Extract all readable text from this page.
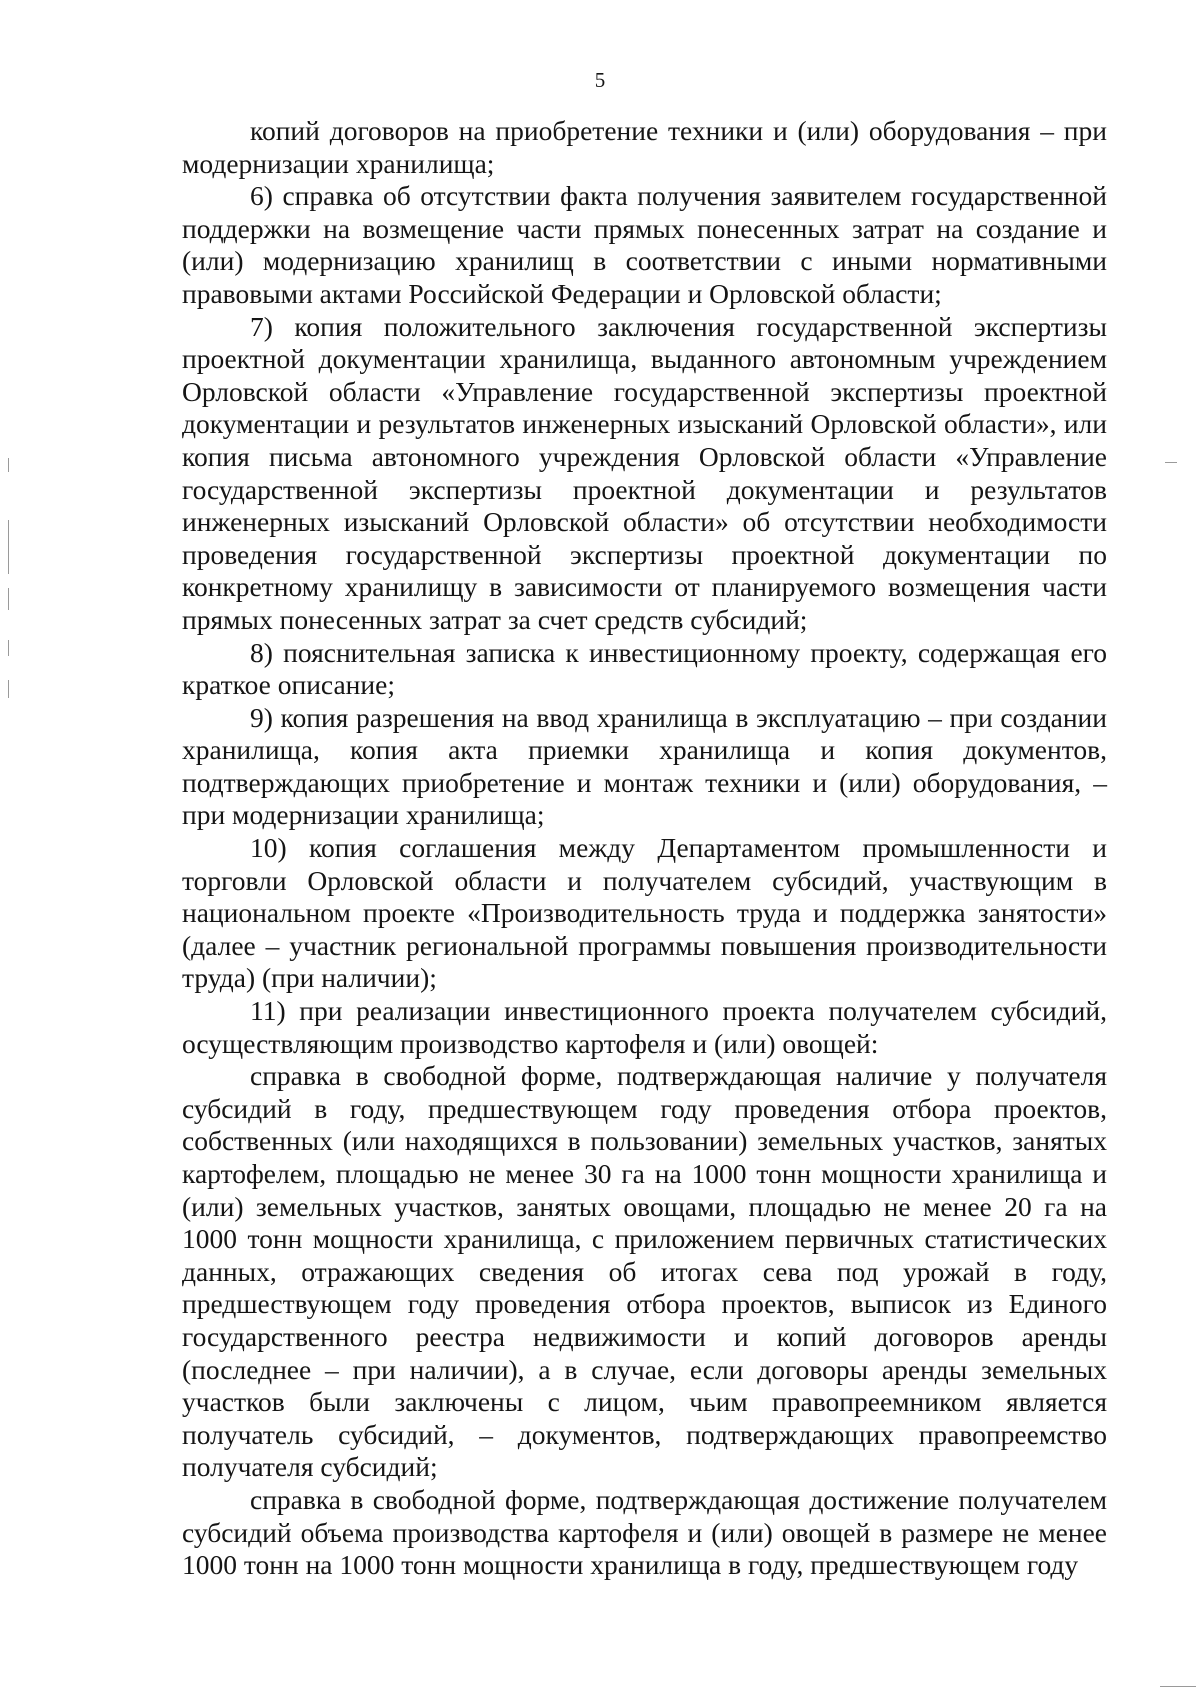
5

копий договоров на приобретение техники и (или) оборудования – при модернизации хранилища;

6) справка об отсутствии факта получения заявителем государственной поддержки на возмещение части прямых понесенных затрат на создание и (или) модернизацию хранилищ в соответствии с иными нормативными правовыми актами Российской Федерации и Орловской области;

7) копия положительного заключения государственной экспертизы проектной документации хранилища, выданного автономным учреждением Орловской области «Управление государственной экспертизы проектной документации и результатов инженерных изысканий Орловской области», или копия письма автономного учреждения Орловской области «Управление государственной экспертизы проектной документации и результатов инженерных изысканий Орловской области» об отсутствии необходимости проведения государственной экспертизы проектной документации по конкретному хранилищу в зависимости от планируемого возмещения части прямых понесенных затрат за счет средств субсидий;

8) пояснительная записка к инвестиционному проекту, содержащая его краткое описание;

9) копия разрешения на ввод хранилища в эксплуатацию – при создании хранилища, копия акта приемки хранилища и копия документов, подтверждающих приобретение и монтаж техники и (или) оборудования, – при модернизации хранилища;

10) копия соглашения между Департаментом промышленности и торговли Орловской области и получателем субсидий, участвующим в национальном проекте «Производительность труда и поддержка занятости» (далее – участник региональной программы повышения производительности труда) (при наличии);

11) при реализации инвестиционного проекта получателем субсидий, осуществляющим производство картофеля и (или) овощей:

справка в свободной форме, подтверждающая наличие у получателя субсидий в году, предшествующем году проведения отбора проектов, собственных (или находящихся в пользовании) земельных участков, занятых картофелем, площадью не менее 30 га на 1000 тонн мощности хранилища и (или) земельных участков, занятых овощами, площадью не менее 20 га на 1000 тонн мощности хранилища, с приложением первичных статистических данных, отражающих сведения об итогах сева под урожай в году, предшествующем году проведения отбора проектов, выписок из Единого государственного реестра недвижимости и копий договоров аренды (последнее – при наличии), а в случае, если договоры аренды земельных участков были заключены с лицом, чьим правопреемником является получатель субсидий, – документов, подтверждающих правопреемство получателя субсидий;

справка в свободной форме, подтверждающая достижение получателем субсидий объема производства картофеля и (или) овощей в размере не менее 1000 тонн на 1000 тонн мощности хранилища в году, предшествующем году
